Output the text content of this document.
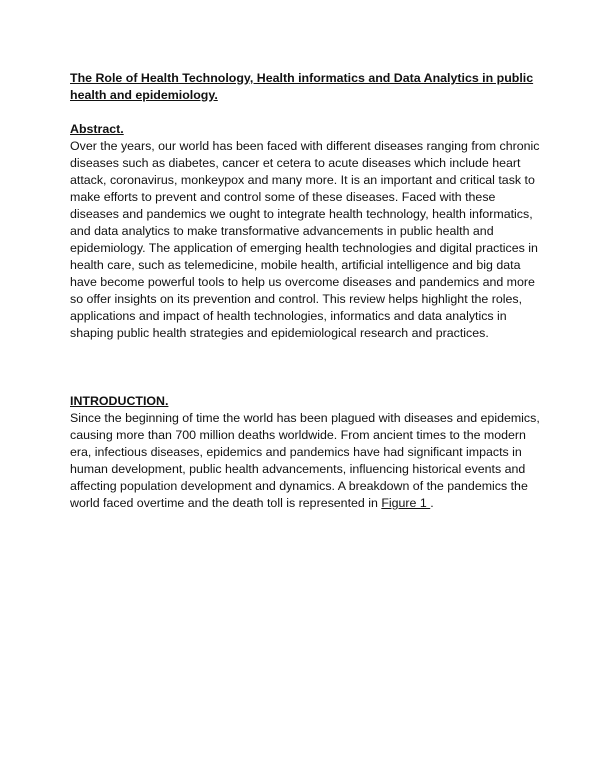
The Role of Health Technology, Health informatics and Data Analytics in public health and epidemiology.

Abstract.

Over the years, our world has been faced with different diseases ranging from chronic diseases such as diabetes, cancer et cetera to acute diseases which include heart attack, coronavirus, monkeypox and many more. It is an important and critical task to make efforts to prevent and control some of these diseases. Faced with these diseases and pandemics we ought to integrate health technology, health informatics, and data analytics to make transformative advancements in public health and epidemiology. The application of emerging health technologies and digital practices in health care, such as telemedicine, mobile health, artificial intelligence and big data have become powerful tools to help us overcome diseases and pandemics and more so offer insights on its prevention and control. This review helps highlight the roles, applications and impact of health technologies, informatics and data analytics in shaping public health strategies and epidemiological research and practices.

INTRODUCTION.

Since the beginning of time the world has been plagued with diseases and epidemics, causing more than 700 million deaths worldwide. From ancient times to the modern era, infectious diseases, epidemics and pandemics have had significant impacts in human development, public health advancements, influencing historical events and affecting population development and dynamics. A breakdown of the pandemics the world faced overtime and the death toll is represented in Figure 1 .
